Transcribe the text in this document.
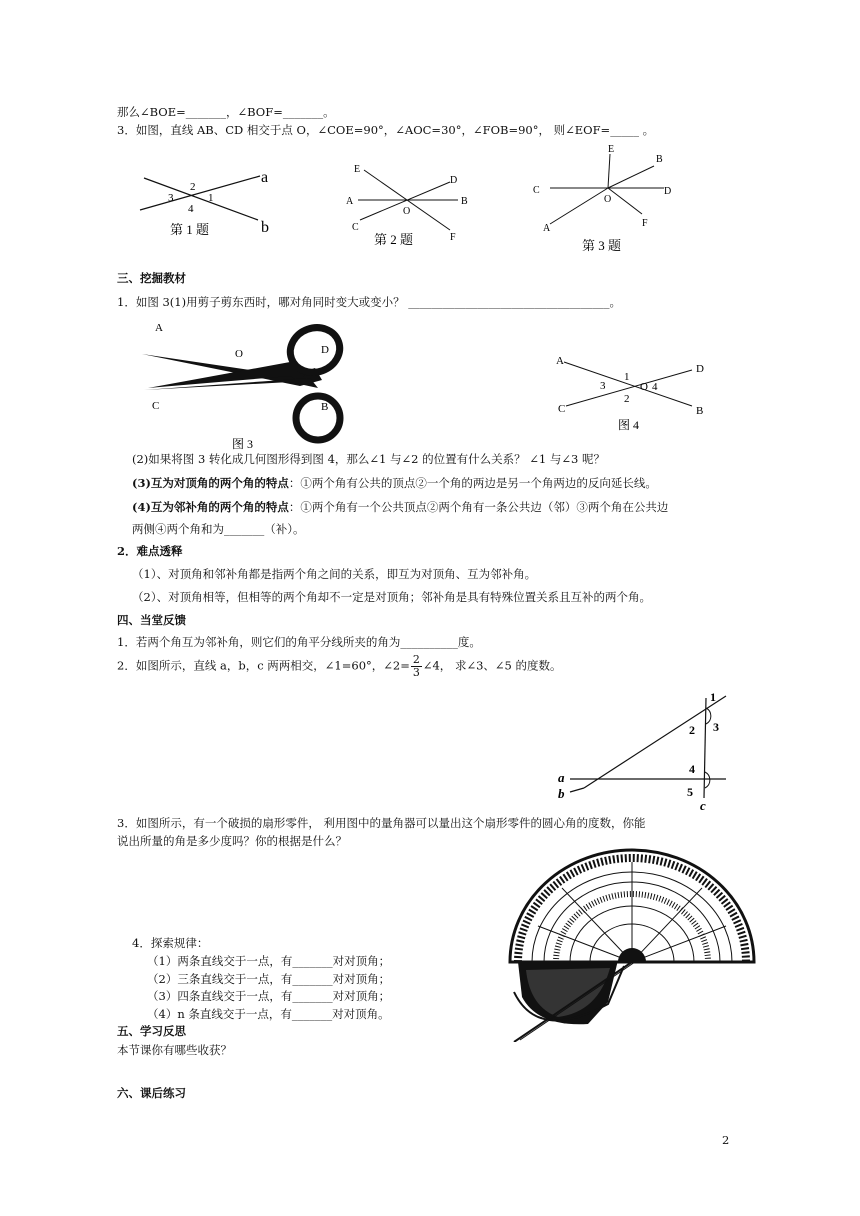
那么∠BOE=_______，∠BOF=_______。
3．如图，直线 AB、CD 相交于点 O，∠COE=90°，∠AOC=30°，∠FOB=90°， 则∠EOF=_____ 。
a
b
2
1
3
4
第 1 题
E
D
A
O
B
C
F
第 2 题
E
B
C	D
O
A	F
第 3 题
三、挖掘教材
1．如图 3(1)用剪子剪东西时，哪对角同时变大或变小？ ___________________________________。
A
O	D
C	B
图 3
A
D
1
3	O 4
2
C	B
图 4
(2)如果将图 3 转化成几何图形得到图 4，那么∠1 与∠2 的位置有什么关系？ ∠1 与∠3 呢？
(3)互为对顶角的两个角的特点：①两个角有公共的顶点②一个角的两边是另一个角两边的反向延长线。
(4)互为邻补角的两个角的特点：①两个角有一个公共顶点②两个角有一条公共边（邻）③两个角在公共边
两侧④两个角和为_______（补）。
2．难点透释
（1）、对顶角和邻补角都是指两个角之间的关系，即互为对顶角、互为邻补角。
（2）、对顶角相等，但相等的两个角却不一定是对顶角；邻补角是具有特殊位置关系且互补的两个角。
四、当堂反馈
1．若两个角互为邻补角，则它们的角平分线所夹的角为__________度。
2．如图所示，直线 a，b，c 两两相交，∠1=60°，∠2= $\frac{2}{3}$ ∠4， 求∠3、∠5 的度数。
1
2 3
4
5
a
b
c
3．如图所示，有一个破损的扇形零件， 利用图中的量角器可以量出这个扇形零件的圆心角的度数，你能
说出所量的角是多少度吗？你的根据是什么？
4．探索规律：
（1）两条直线交于一点，有_______对对顶角；
（2）三条直线交于一点，有_______对对顶角；
（3）四条直线交于一点，有_______对对顶角；
（4）n 条直线交于一点，有_______对对顶角。
五、学习反思
本节课你有哪些收获？
六、课后练习
2
